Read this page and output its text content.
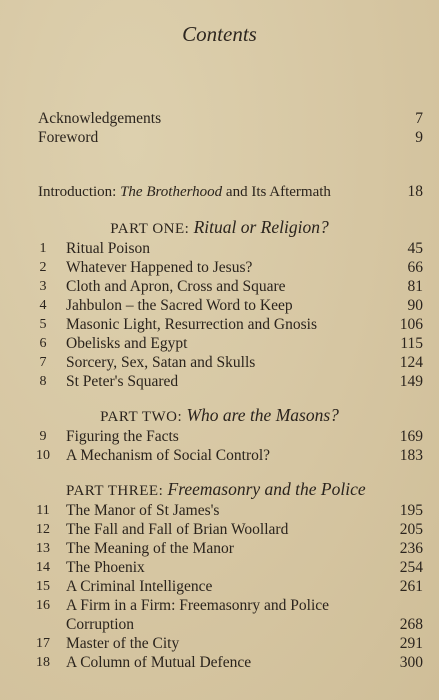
Contents
Acknowledgements	7
Foreword	9
Introduction: The Brotherhood and Its Aftermath	18
PART ONE: Ritual or Religion?
1	Ritual Poison	45
2	Whatever Happened to Jesus?	66
3	Cloth and Apron, Cross and Square	81
4	Jahbulon – the Sacred Word to Keep	90
5	Masonic Light, Resurrection and Gnosis	106
6	Obelisks and Egypt	115
7	Sorcery, Sex, Satan and Skulls	124
8	St Peter's Squared	149
PART TWO: Who are the Masons?
9	Figuring the Facts	169
10 A Mechanism of Social Control?	183
PART THREE: Freemasonry and the Police
11 The Manor of St James's	195
12 The Fall and Fall of Brian Woollard	205
13 The Meaning of the Manor	236
14 The Phoenix	254
15 A Criminal Intelligence	261
16 A Firm in a Firm: Freemasonry and Police
Corruption	268
17 Master of the City	291
18 A Column of Mutual Defence	300
